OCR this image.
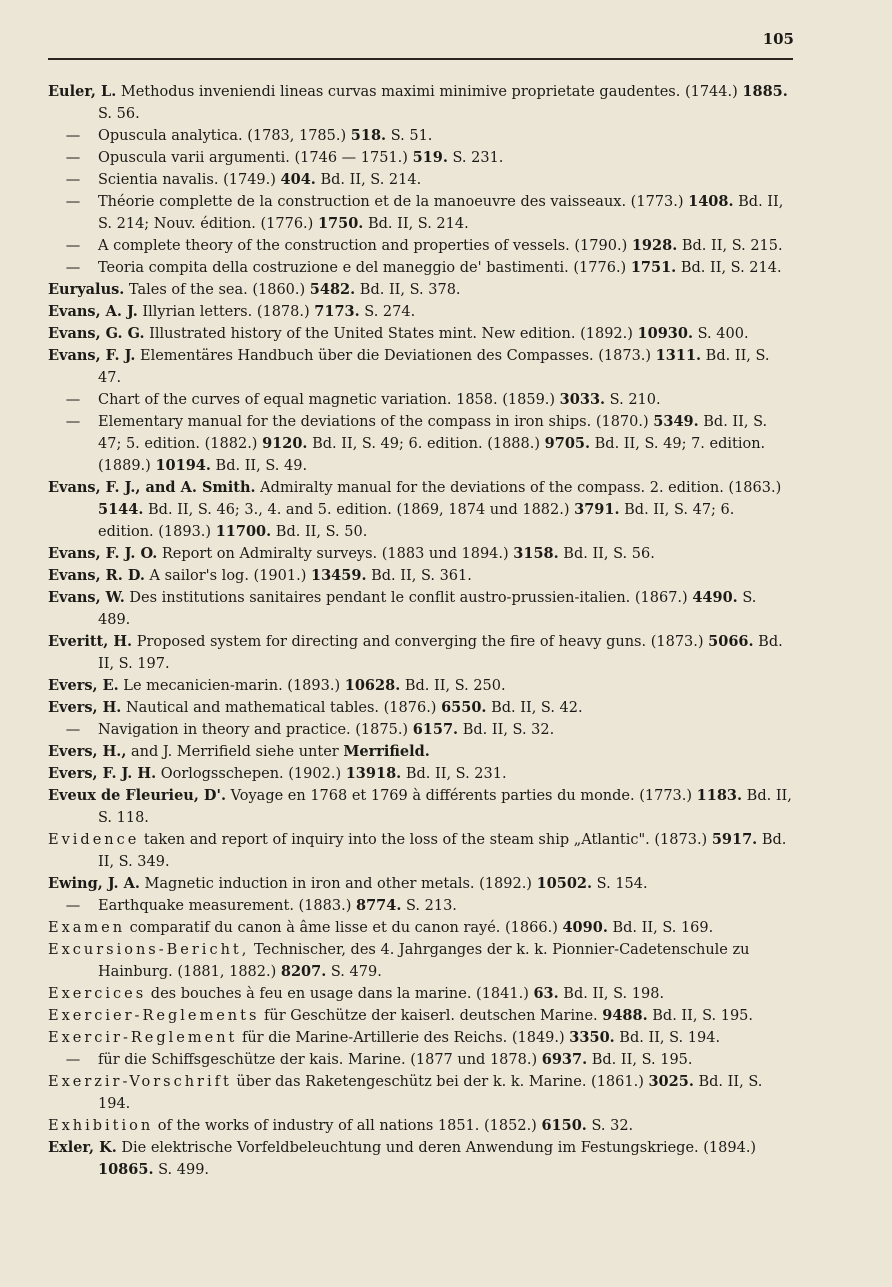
105
Euler, L. Methodus inveniendi lineas curvas maximi minimive proprietate gaudentes. (1744.) 1885. S. 56.
— Opuscula analytica. (1783, 1785.) 518. S. 51.
— Opuscula varii argumenti. (1746 — 1751.) 519. S. 231.
— Scientia navalis. (1749.) 404. Bd. II, S. 214.
— Théorie complette de la construction et de la manoeuvre des vaisseaux. (1773.) 1408. Bd. II, S. 214; Nouv. édition. (1776.) 1750. Bd. II, S. 214.
— A complete theory of the construction and properties of vessels. (1790.) 1928. Bd. II, S. 215.
— Teoria compita della costruzione e del maneggio de' bastimenti. (1776.) 1751. Bd. II, S. 214.
Euryalus. Tales of the sea. (1860.) 5482. Bd. II, S. 378.
Evans, A. J. Illyrian letters. (1878.) 7173. S. 274.
Evans, G. G. Illustrated history of the United States mint. New edition. (1892.) 10930. S. 400.
Evans, F. J. Elementäres Handbuch über die Deviationen des Compasses. (1873.) 1311. Bd. II, S. 47.
— Chart of the curves of equal magnetic variation. 1858. (1859.) 3033. S. 210.
— Elementary manual for the deviations of the compass in iron ships. (1870.) 5349. Bd. II, S. 47; 5. edition. (1882.) 9120. Bd. II, S. 49; 6. edition. (1888.) 9705. Bd. II, S. 49; 7. edition. (1889.) 10194. Bd. II, S. 49.
Evans, F. J., and A. Smith. Admiralty manual for the deviations of the compass. 2. edition. (1863.) 5144. Bd. II, S. 46; 3., 4. and 5. edition. (1869, 1874 und 1882.) 3791. Bd. II, S. 47; 6. edition. (1893.) 11700. Bd. II, S. 50.
Evans, F. J. O. Report on Admiralty surveys. (1883 und 1894.) 3158. Bd. II, S. 56.
Evans, R. D. A sailor's log. (1901.) 13459. Bd. II, S. 361.
Evans, W. Des institutions sanitaires pendant le conflit austro-prussien-italien. (1867.) 4490. S. 489.
Everitt, H. Proposed system for directing and converging the fire of heavy guns. (1873.) 5066. Bd. II, S. 197.
Evers, E. Le mecanicien-marin. (1893.) 10628. Bd. II, S. 250.
Evers, H. Nautical and mathematical tables. (1876.) 6550. Bd. II, S. 42.
— Navigation in theory and practice. (1875.) 6157. Bd. II, S. 32.
Evers, H., and J. Merrifield siehe unter Merrifield.
Evers, F. J. H. Oorlogsschepen. (1902.) 13918. Bd. II, S. 231.
Eveux de Fleurieu, D'. Voyage en 1768 et 1769 à différents parties du monde. (1773.) 1183. Bd. II, S. 118.
Evidence taken and report of inquiry into the loss of the steam ship „Atlantic". (1873.) 5917. Bd. II, S. 349.
Ewing, J. A. Magnetic induction in iron and other metals. (1892.) 10502. S. 154.
— Earthquake measurement. (1883.) 8774. S. 213.
Examen comparatif du canon à âme lisse et du canon rayé. (1866.) 4090. Bd. II, S. 169.
Excursions-Bericht, Technischer, des 4. Jahrganges der k. k. Pionnier-Cadetenschule zu Hainburg. (1881, 1882.) 8207. S. 479.
Exercices des bouches à feu en usage dans la marine. (1841.) 63. Bd. II, S. 198.
Exercier-Reglements für Geschütze der kaiserl. deutschen Marine. 9488. Bd. II, S. 195.
Exercir-Reglement für die Marine-Artillerie des Reichs. (1849.) 3350. Bd. II, S. 194.
— für die Schiffsgeschütze der kais. Marine. (1877 und 1878.) 6937. Bd. II, S. 195.
Exerzir-Vorschrift über das Raketengeschütz bei der k. k. Marine. (1861.) 3025. Bd. II, S. 194.
Exhibition of the works of industry of all nations 1851. (1852.) 6150. S. 32.
Exler, K. Die elektrische Vorfeldbeleuchtung und deren Anwendung im Festungskriege. (1894.) 10865. S. 499.
